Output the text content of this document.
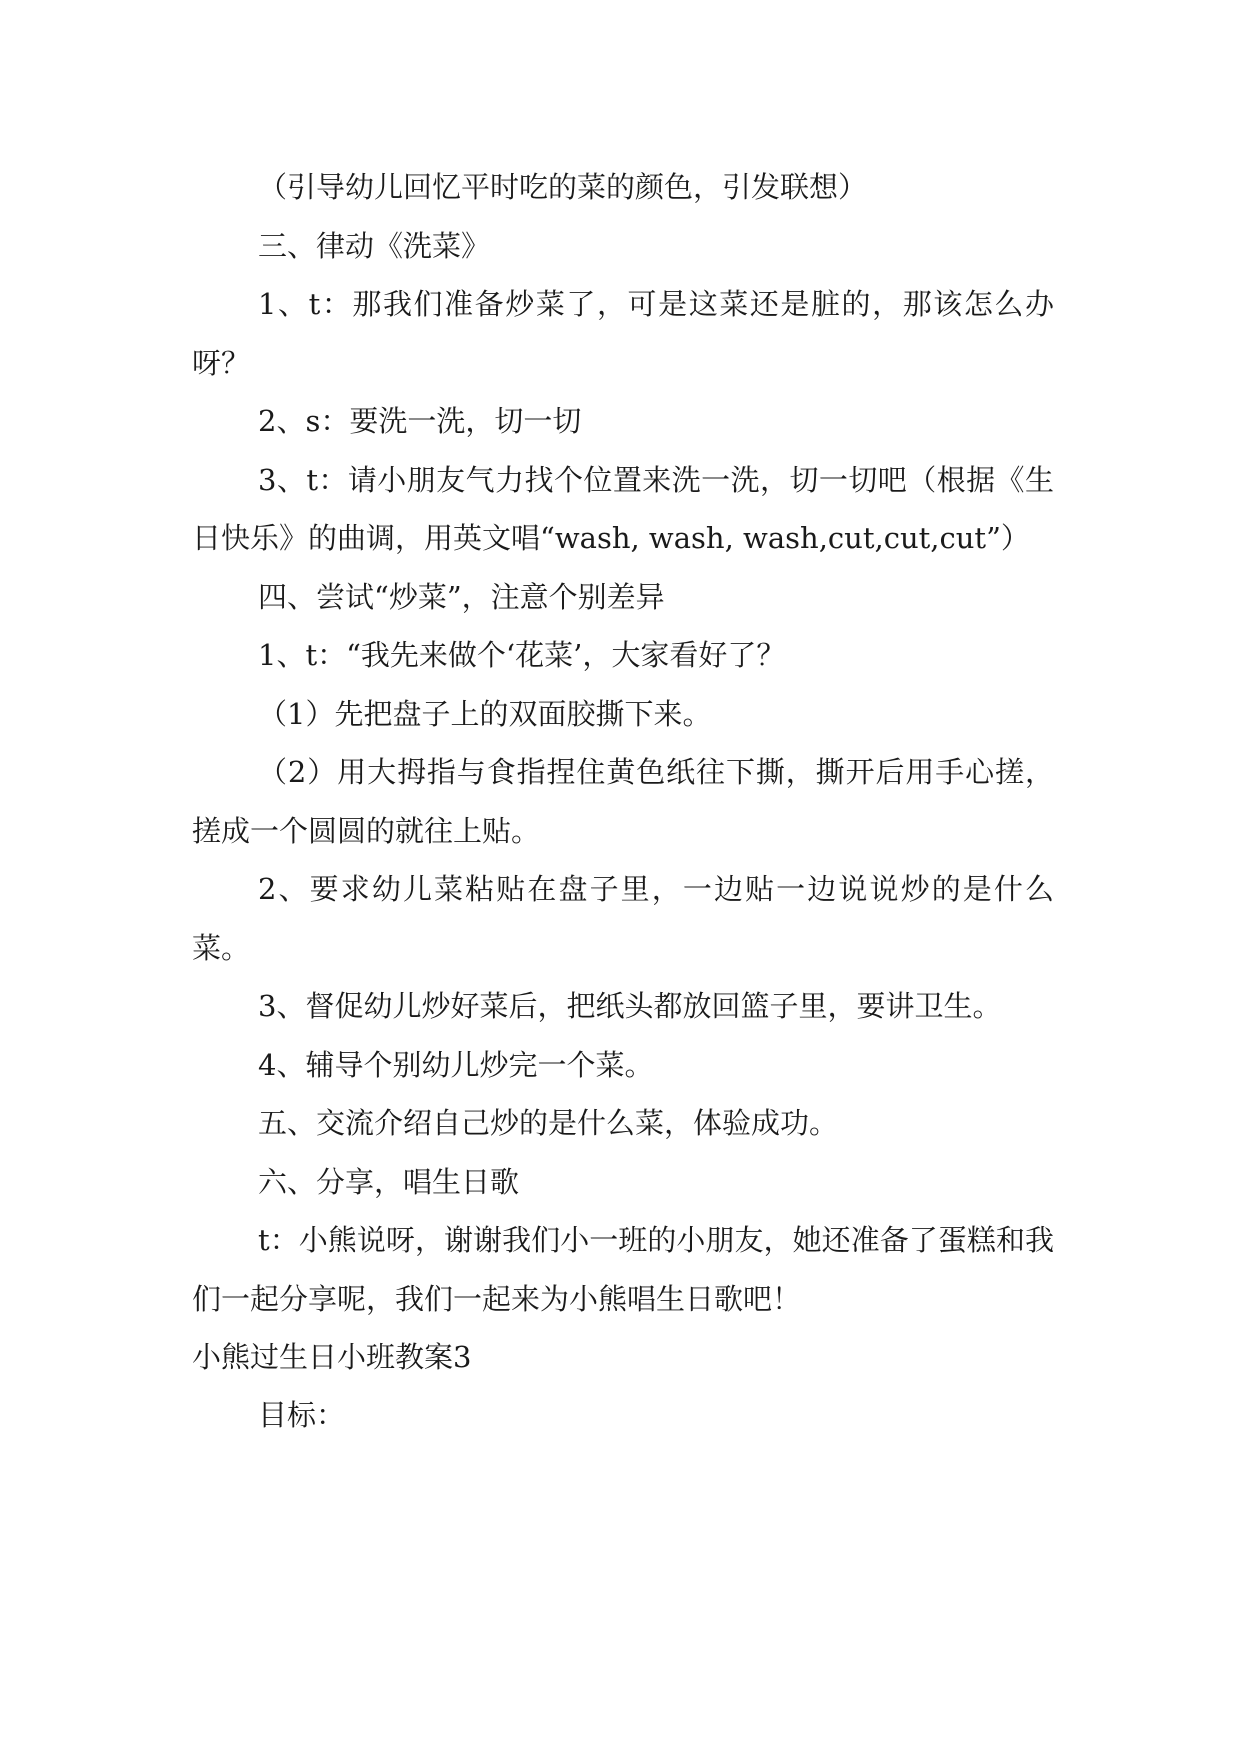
（引导幼儿回忆平时吃的菜的颜色，引发联想）

三、律动《洗菜》

1、t：那我们准备炒菜了，可是这菜还是脏的，那该怎么办呀？

2、s：要洗一洗，切一切

3、t：请小朋友气力找个位置来洗一洗，切一切吧（根据《生日快乐》的曲调，用英文唱“wash, wash, wash,cut,cut,cut”）

四、尝试“炒菜”，注意个别差异

1、t：“我先来做个‘花菜’，大家看好了？

（1）先把盘子上的双面胶撕下来。

（2）用大拇指与食指捏住黄色纸往下撕，撕开后用手心搓，搓成一个圆圆的就往上贴。

2、要求幼儿菜粘贴在盘子里，一边贴一边说说炒的是什么菜。

3、督促幼儿炒好菜后，把纸头都放回篮子里，要讲卫生。

4、辅导个别幼儿炒完一个菜。

五、交流介绍自己炒的是什么菜，体验成功。

六、分享，唱生日歌

t：小熊说呀，谢谢我们小一班的小朋友，她还准备了蛋糕和我们一起分享呢，我们一起来为小熊唱生日歌吧！

小熊过生日小班教案3

目标：
